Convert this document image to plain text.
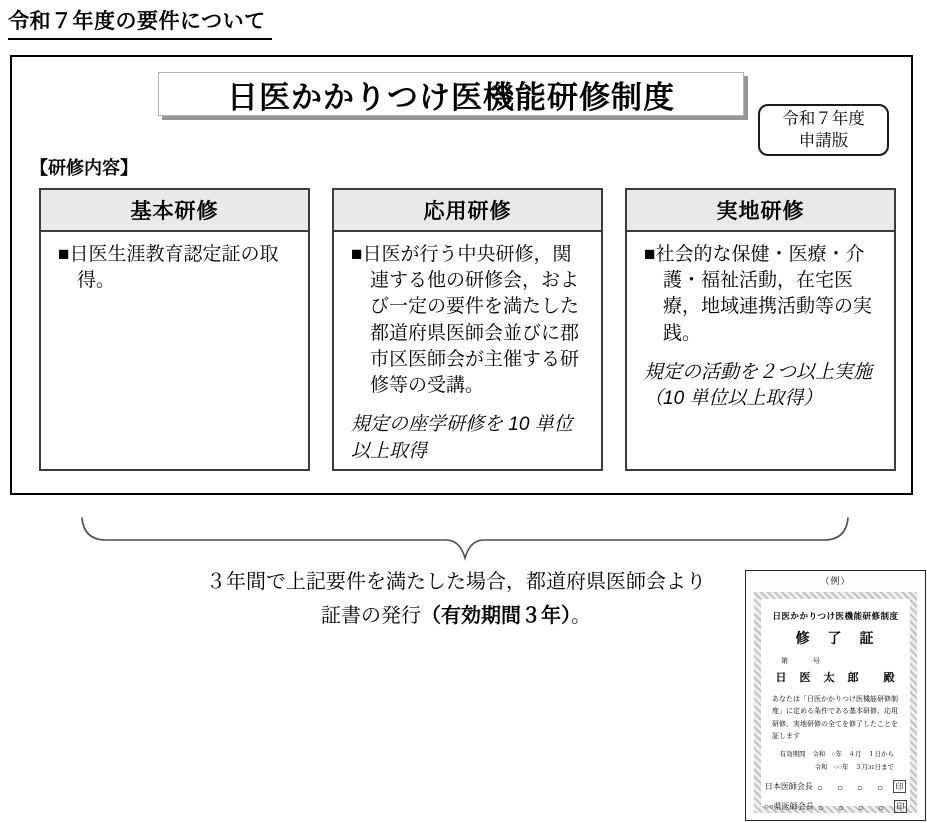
令和７年度の要件について
日医かかりつけ医機能研修制度
令和７年度
申請版
【研修内容】
基本研修

■日医生涯教育認定証の取得。

応用研修

■日医が行う中央研修，関連する他の研修会，および一定の要件を満たした都道府県医師会並びに郡市区医師会が主催する研修等の受講。

規定の座学研修を 10 単位以上取得

実地研修

■社会的な保健・医療・介護・福祉活動，在宅医療，地域連携活動等の実践。

規定の活動を２つ以上実施（10 単位以上取得）

３年間で上記要件を満たした場合，都道府県医師会より
証書の発行（有効期間３年）。
（例）
日医かかりつけ医機能研修制度
修　了　証
第　　　号
日　医　太　郎　　殿
あなたは「日医かかりつけ医機能研修制度」に定める条件である基本研修、応用研修、実地研修の全てを修了したことを証します
有効期間　令和　○年　４月　１日から
令和　○○年　３月31日まで
日本医師会長 ○　○　○　○	印
○○県医師会長 ○　○　○　○	印
